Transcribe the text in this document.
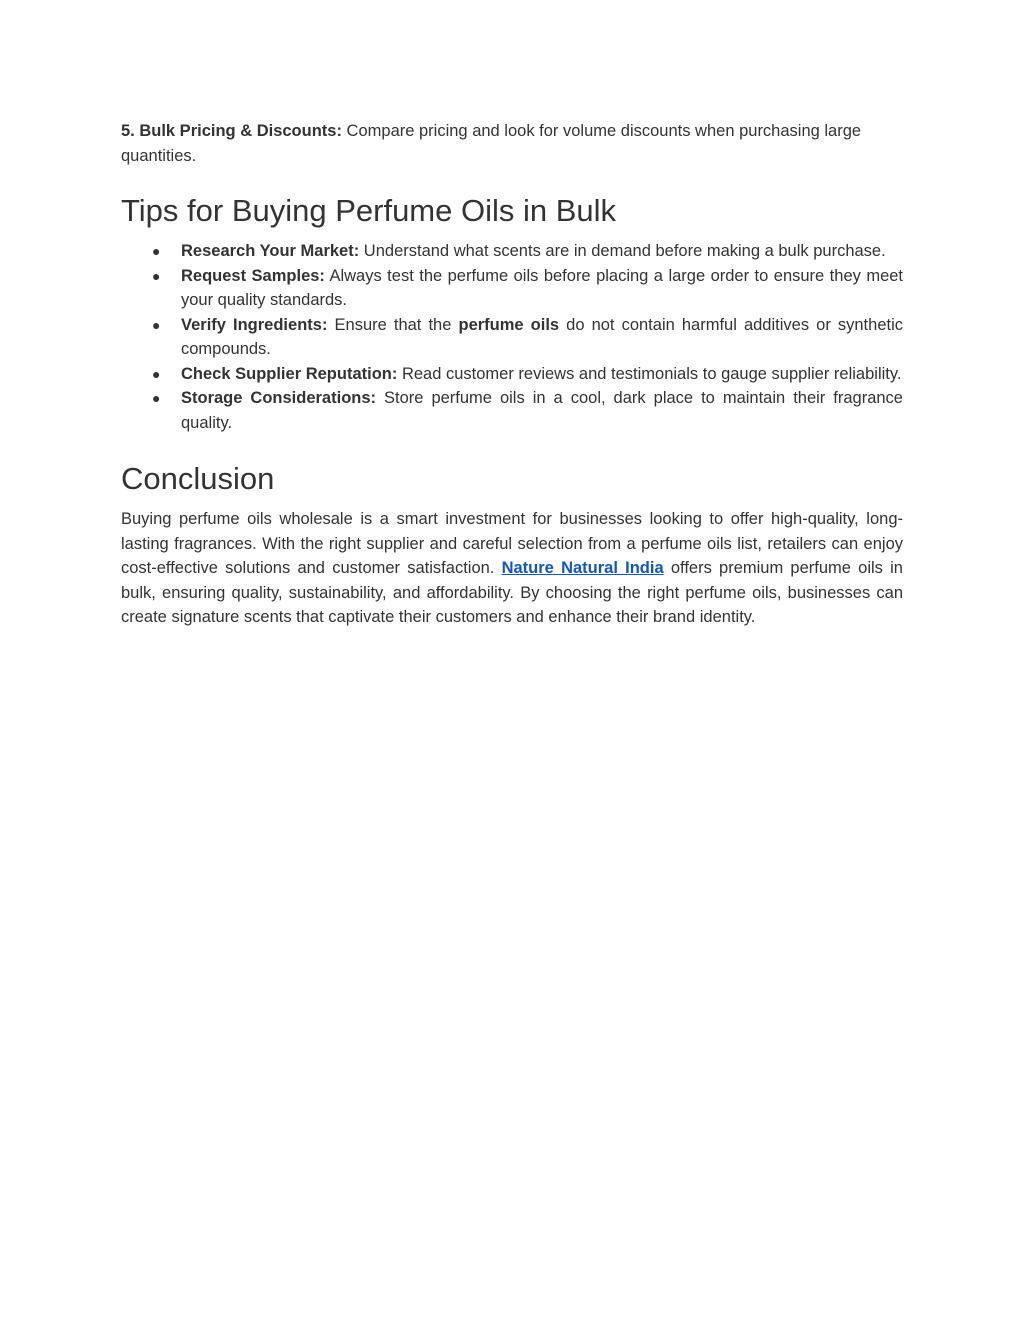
5. Bulk Pricing & Discounts: Compare pricing and look for volume discounts when purchasing large quantities.

Tips for Buying Perfume Oils in Bulk
● Research Your Market: Understand what scents are in demand before making a bulk purchase.
● Request Samples: Always test the perfume oils before placing a large order to ensure they meet your quality standards.
● Verify Ingredients: Ensure that the perfume oils do not contain harmful additives or synthetic compounds.
● Check Supplier Reputation: Read customer reviews and testimonials to gauge supplier reliability.
● Storage Considerations: Store perfume oils in a cool, dark place to maintain their fragrance quality.
Conclusion

Buying perfume oils wholesale is a smart investment for businesses looking to offer high-quality, long-lasting fragrances. With the right supplier and careful selection from a perfume oils list, retailers can enjoy cost-effective solutions and customer satisfaction. Nature Natural India offers premium perfume oils in bulk, ensuring quality, sustainability, and affordability. By choosing the right perfume oils, businesses can create signature scents that captivate their customers and enhance their brand identity.
